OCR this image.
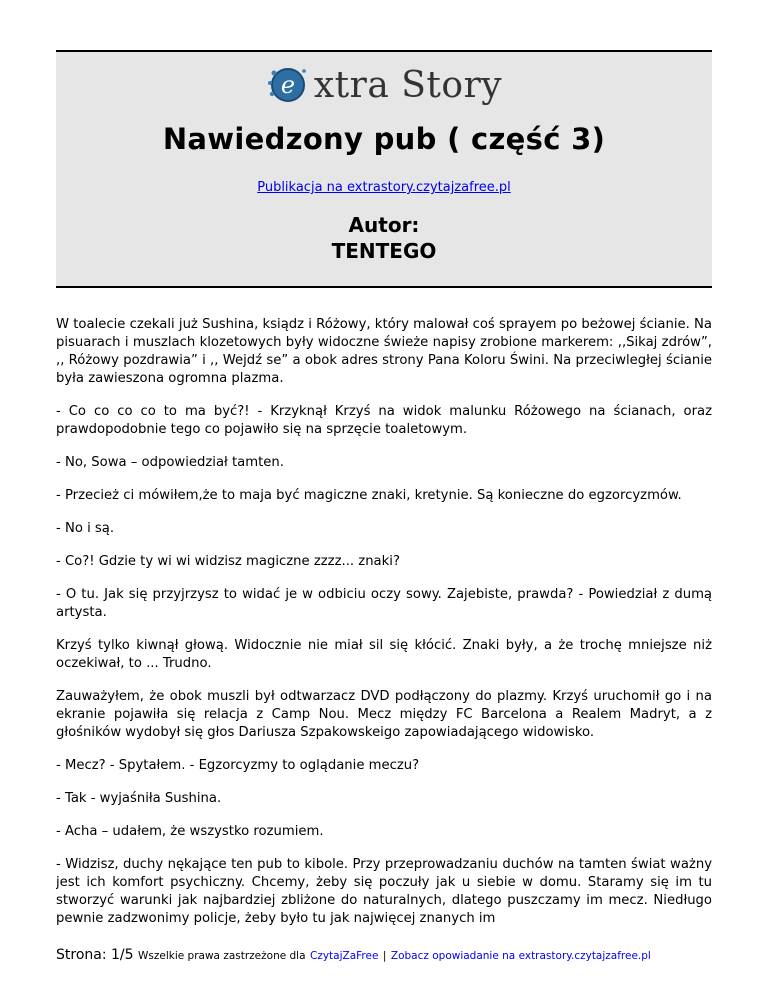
e xtra Story
Nawiedzony pub ( część 3)
Publikacja na extrastory.czytajzafree.pl
Autor:
TENTEGO

W toalecie czekali już Sushina, ksiądz i Różowy, który malował coś sprayem po beżowej ścianie. Na pisuarach i muszlach klozetowych były widoczne świeże napisy zrobione markerem: ,,Sikaj zdrów”, ,, Różowy pozdrawia” i ,, Wejdź se” a obok adres strony Pana Koloru Świni. Na przeciwległej ścianie była zawieszona ogromna plazma.

- Co co co co to ma być?! - Krzyknął Krzyś na widok malunku Różowego na ścianach, oraz prawdopodobnie tego co pojawiło się na sprzęcie toaletowym.

- No, Sowa – odpowiedział tamten.

- Przecież ci mówiłem,że to maja być magiczne znaki, kretynie. Są konieczne do egzorcyzmów.

- No i są.

- Co?! Gdzie ty wi wi widzisz magiczne zzzz... znaki?

- O tu. Jak się przyjrzysz to widać je w odbiciu oczy sowy. Zajebiste, prawda? - Powiedział z dumą artysta.

Krzyś tylko kiwnął głową. Widocznie nie miał sil się kłócić. Znaki były, a że trochę mniejsze niż oczekiwał, to ... Trudno.

Zauważyłem, że obok muszli był odtwarzacz DVD podłączony do plazmy. Krzyś uruchomił go i na ekranie pojawiła się relacja z Camp Nou. Mecz między FC Barcelona a Realem Madryt, a z głośników wydobył się głos Dariusza Szpakowskeigo zapowiadającego widowisko.

- Mecz? - Spytałem. - Egzorcyzmy to oglądanie meczu?

- Tak - wyjaśniła Sushina.

- Acha – udałem, że wszystko rozumiem.

- Widzisz, duchy nękające ten pub to kibole. Przy przeprowadzaniu duchów na tamten świat ważny jest ich komfort psychiczny. Chcemy, żeby się poczuły jak u siebie w domu. Staramy się im tu stworzyć warunki jak najbardziej zbliżone do naturalnych, dlatego puszczamy im mecz. Niedługo pewnie zadzwonimy policje, żeby było tu jak najwięcej znanych im

Strona: 1/5 Wszelkie prawa zastrzeżone dla CzytajZaFree | Zobacz opowiadanie na extrastory.czytajzafree.pl
